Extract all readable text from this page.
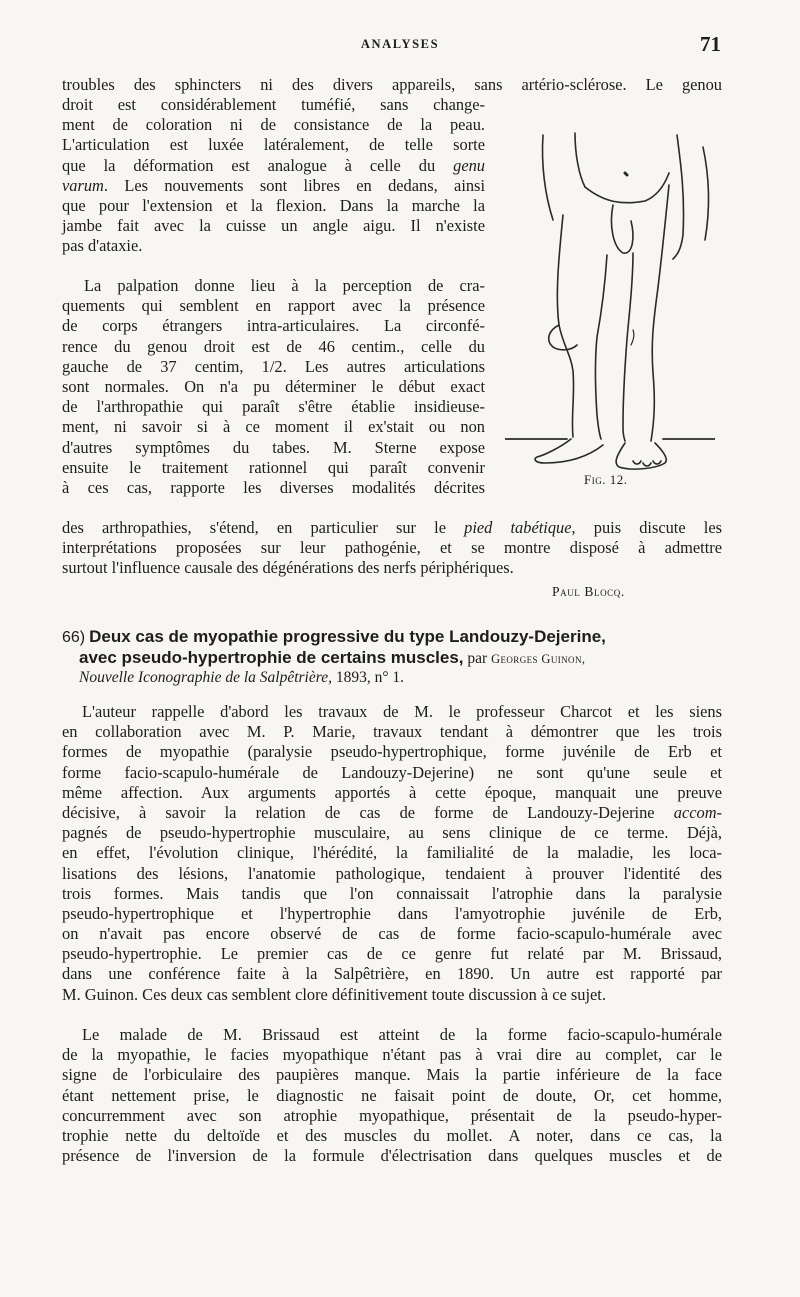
ANALYSES	71
troubles des sphincters ni des divers appareils, sans artério-sclérose. Le genou
droit est considérablement tuméfié, sans change-
ment de coloration ni de consistance de la peau.
L'articulation est luxée latéralement, de telle sorte
que la déformation est analogue à celle du genu
varum. Les nouvements sont libres en dedans, ainsi
que pour l'extension et la flexion. Dans la marche la
jambe fait avec la cuisse un angle aigu. Il n'existe
pas d'ataxie.
La palpation donne lieu à la perception de cra-
quements qui semblent en rapport avec la présence
de corps étrangers intra-articulaires. La circonfé-
rence du genou droit est de 46 centim., celle du
gauche de 37 centim, 1/2. Les autres articulations
sont normales. On n'a pu déterminer le début exact
de l'arthropathie qui paraît s'être établie insidieuse-
ment, ni savoir si à ce moment il ex'stait ou non
d'autres symptômes du tabes. M. Sterne expose
ensuite le traitement rationnel qui paraît convenir
à ces cas, rapporte les diverses modalités décrites
des arthropathies, s'étend, en particulier sur le pied tabétique, puis discute les
interprétations proposées sur leur pathogénie, et se montre disposé à admettre
surtout l'influence causale des dégénérations des nerfs périphériques.
Paul Blocq.
Fig. 12.
66) Deux cas de myopathie progressive du type Landouzy-Dejerine,
avec pseudo-hypertrophie de certains muscles, par Georges Guinon,
Nouvelle Iconographie de la Salpêtrière, 1893, n° 1.
L'auteur rappelle d'abord les travaux de M. le professeur Charcot et les siens
en collaboration avec M. P. Marie, travaux tendant à démontrer que les trois
formes de myopathie (paralysie pseudo-hypertrophique, forme juvénile de Erb et
forme facio-scapulo-humérale de Landouzy-Dejerine) ne sont qu'une seule et
même affection. Aux arguments apportés à cette époque, manquait une preuve
décisive, à savoir la relation de cas de forme de Landouzy-Dejerine accom-
pagnés de pseudo-hypertrophie musculaire, au sens clinique de ce terme. Déjà,
en effet, l'évolution clinique, l'hérédité, la familialité de la maladie, les loca-
lisations des lésions, l'anatomie pathologique, tendaient à prouver l'identité des
trois formes. Mais tandis que l'on connaissait l'atrophie dans la paralysie
pseudo-hypertrophique et l'hypertrophie dans l'amyotrophie juvénile de Erb,
on n'avait pas encore observé de cas de forme facio-scapulo-humérale avec
pseudo-hypertrophie. Le premier cas de ce genre fut relaté par M. Brissaud,
dans une conférence faite à la Salpêtrière, en 1890. Un autre est rapporté par
M. Guinon. Ces deux cas semblent clore définitivement toute discussion à ce sujet.
Le malade de M. Brissaud est atteint de la forme facio-scapulo-humérale
de la myopathie, le facies myopathique n'étant pas à vrai dire au complet, car le
signe de l'orbiculaire des paupières manque. Mais la partie inférieure de la face
étant nettement prise, le diagnostic ne faisait point de doute, Or, cet homme,
concurremment avec son atrophie myopathique, présentait de la pseudo-hyper-
trophie nette du deltoïde et des muscles du mollet. A noter, dans ce cas, la
présence de l'inversion de la formule d'électrisation dans quelques muscles et de
